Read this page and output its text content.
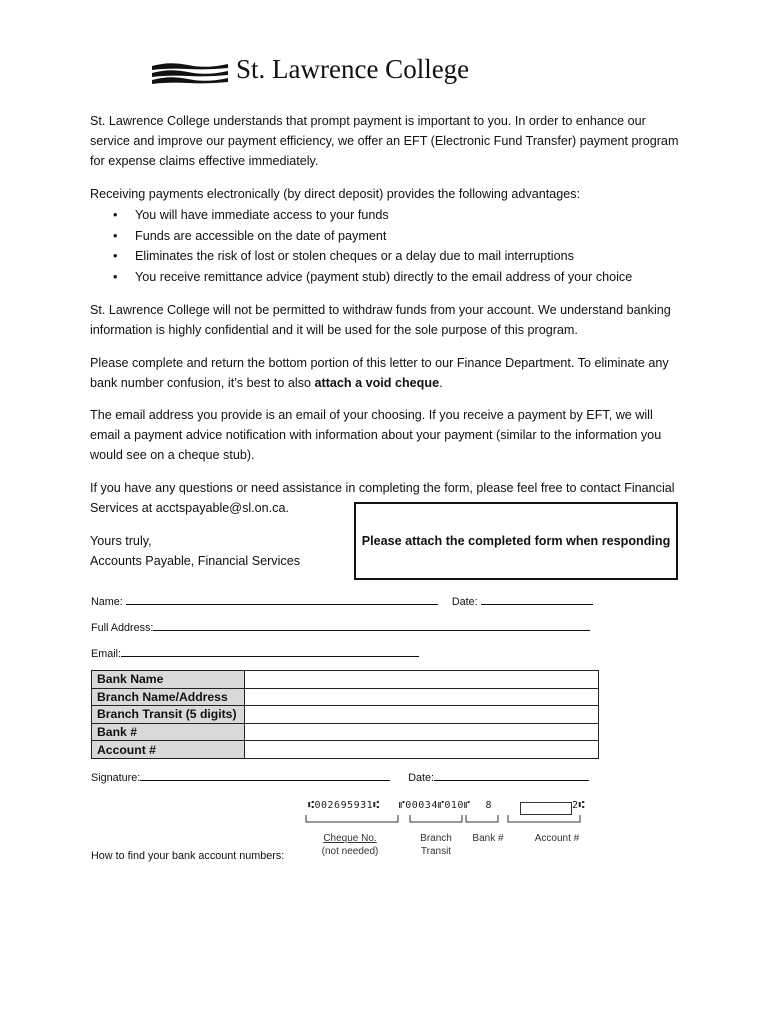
St. Lawrence College
St. Lawrence College understands that prompt payment is important to you. In order to enhance our service and improve our payment efficiency, we offer an EFT (Electronic Fund Transfer) payment program for expense claims effective immediately.
Receiving payments electronically (by direct deposit) provides the following advantages:
• You will have immediate access to your funds
• Funds are accessible on the date of payment
• Eliminates the risk of lost or stolen cheques or a delay due to mail interruptions
• You receive remittance advice (payment stub) directly to the email address of your choice
St. Lawrence College will not be permitted to withdraw funds from your account. We understand banking information is highly confidential and it will be used for the sole purpose of this program.
Please complete and return the bottom portion of this letter to our Finance Department. To eliminate any bank number confusion, it’s best to also attach a void cheque.
The email address you provide is an email of your choosing. If you receive a payment by EFT, we will email a payment advice notification with information about your payment (similar to the information you would see on a cheque stub).
If you have any questions or need assistance in completing the form, please feel free to contact Financial Services at acctspayable@sl.on.ca.
Yours truly,
Accounts Payable, Financial Services
Please attach the completed form when responding
Name:	Date:
Full Address:
Email:
Bank Name	
Branch Name/Address	
Branch Transit (5 digits)	
Bank #	
Account #	
Signature:	Date:
⑆002695931⑆ ⑈00034⑈010⑈ 8	2⑆
Cheque No.
(not needed)
Branch
Transit
Bank #	Account #
How to find your bank account numbers:
